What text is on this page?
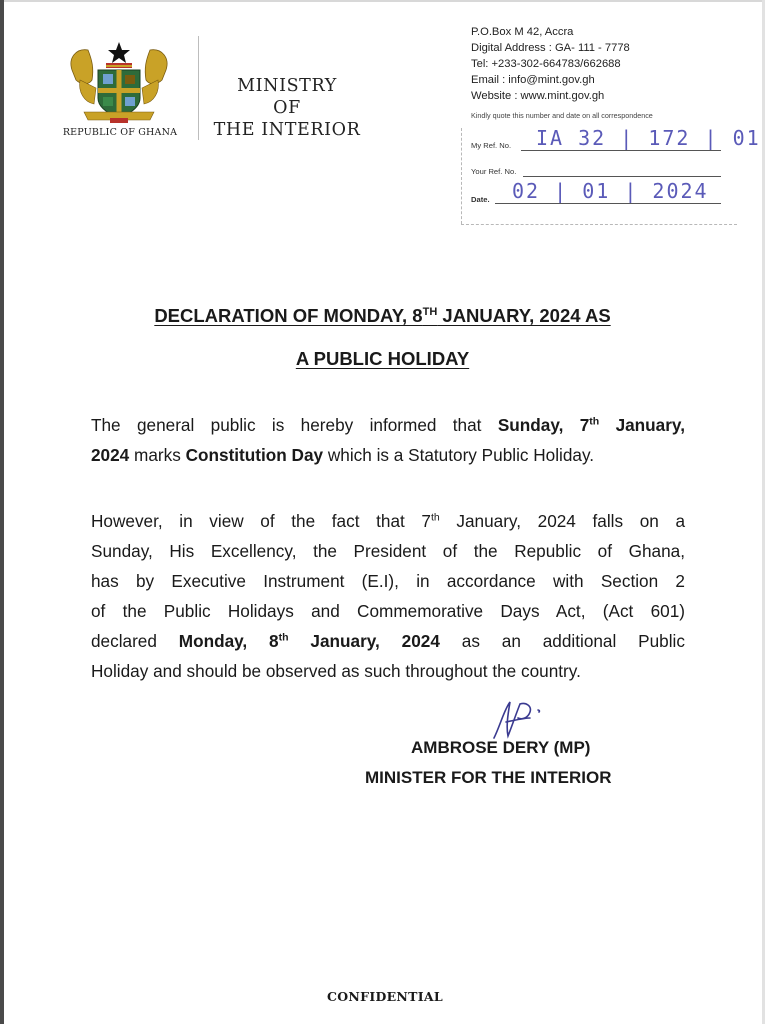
REPUBLIC OF GHANA
MINISTRY
OF
THE INTERIOR
P.O.Box M 42, Accra
Digital Address : GA- 111 - 7778
Tel: +233-302-664783/662688
Email : info@mint.gov.gh
Website : www.mint.gov.gh
Kindly quote this number and date on all correspondence
My Ref. No. IA 32 | 172 | 01
Your Ref. No.
Date. 02 | 01 | 2024
DECLARATION OF MONDAY, 8TH JANUARY, 2024 AS
A PUBLIC HOLIDAY
The general public is hereby informed that Sunday, 7th January,
2024 marks Constitution Day which is a Statutory Public Holiday.
However, in view of the fact that 7th January, 2024 falls on a
Sunday, His Excellency, the President of the Republic of Ghana,
has by Executive Instrument (E.I), in accordance with Section 2
of the Public Holidays and Commemorative Days Act, (Act 601)
declared Monday, 8th January, 2024 as an additional Public
Holiday and should be observed as such throughout the country.
AMBROSE DERY (MP)
MINISTER FOR THE INTERIOR
CONFIDENTIAL
